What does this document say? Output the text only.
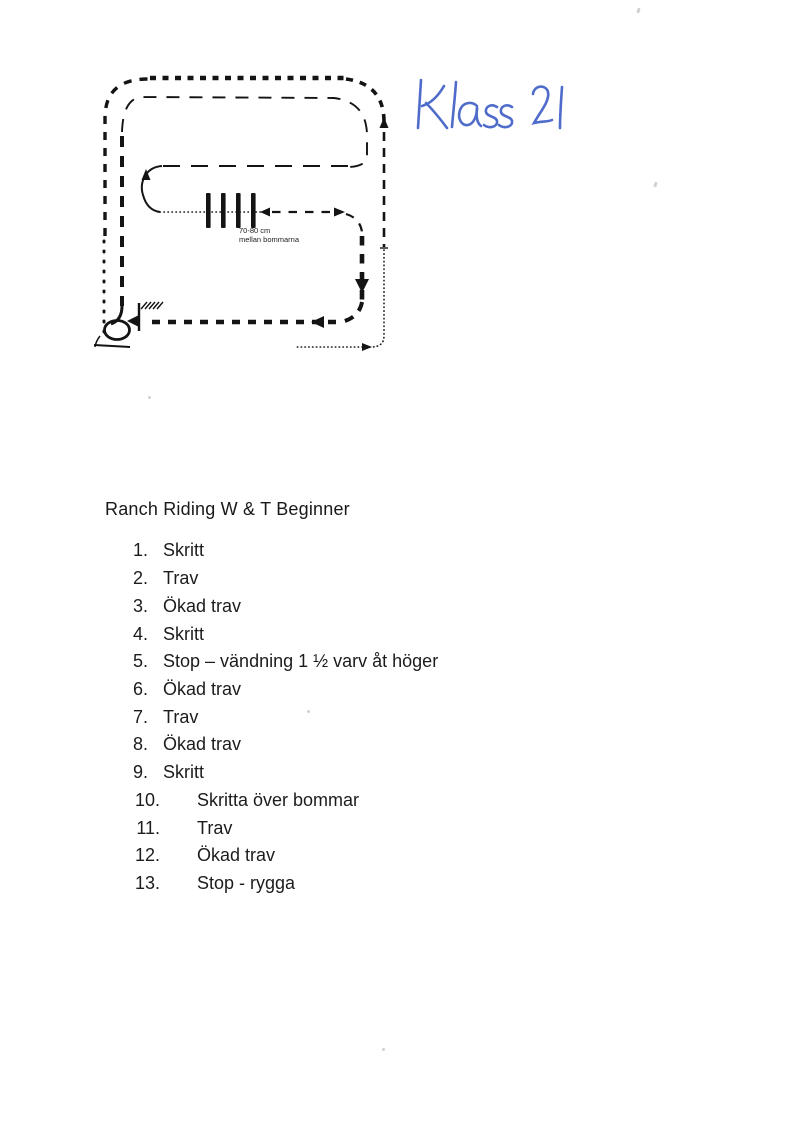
70-80 cm
mellan bommarna
Ranch Riding W & T Beginner
1. Skritt
2. Trav
3. Ökad trav
4. Skritt
5. Stop – vändning 1 ½ varv åt höger
6. Ökad trav
7. Trav
8. Ökad trav
9. Skritt
10. Skritta över bommar
11. Trav
12. Ökad trav
13. Stop - rygga
